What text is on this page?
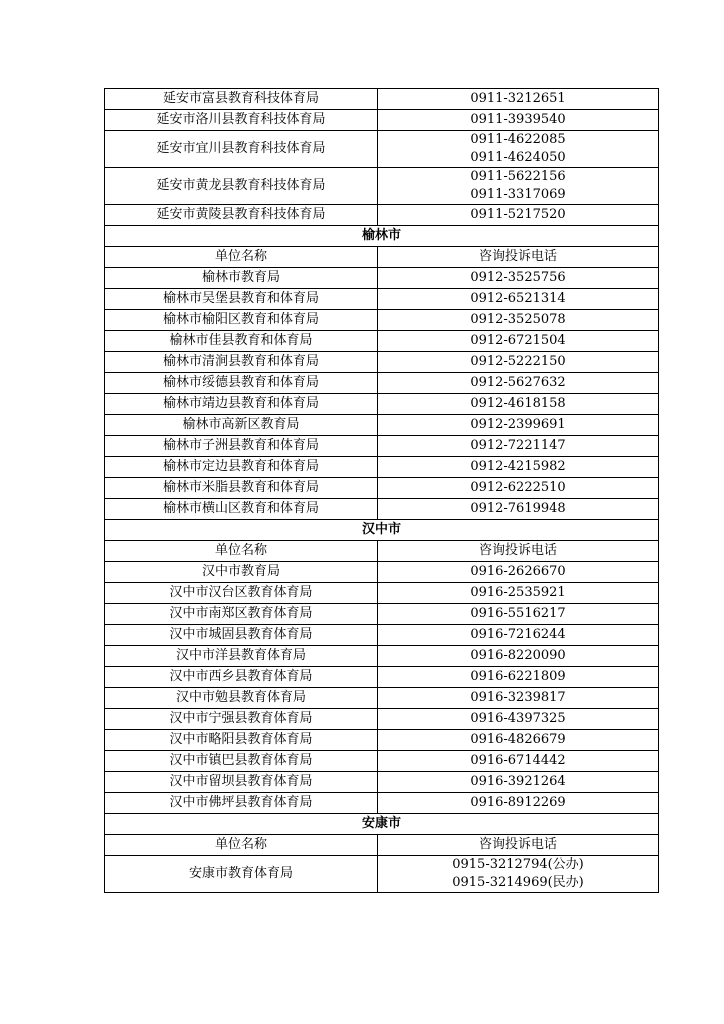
延安市富县教育科技体育局	0911-3212651

延安市洛川县教育科技体育局	0911-3939540

延安市宜川县教育科技体育局	0911-4622085
0911-4624050

延安市黄龙县教育科技体育局	0911-5622156
0911-3317069

延安市黄陵县教育科技体育局	0911-5217520

榆林市	
单位名称	咨询投诉电话
榆林市教育局	0912-3525756

榆林市吴堡县教育和体育局	0912-6521314

榆林市榆阳区教育和体育局	0912-3525078

榆林市佳县教育和体育局	0912-6721504

榆林市清涧县教育和体育局	0912-5222150

榆林市绥德县教育和体育局	0912-5627632

榆林市靖边县教育和体育局	0912-4618158

榆林市高新区教育局	0912-2399691

榆林市子洲县教育和体育局	0912-7221147

榆林市定边县教育和体育局	0912-4215982

榆林市米脂县教育和体育局	0912-6222510

榆林市横山区教育和体育局	0912-7619948

汉中市	
单位名称	咨询投诉电话
汉中市教育局	0916-2626670

汉中市汉台区教育体育局	0916-2535921

汉中市南郑区教育体育局	0916-5516217

汉中市城固县教育体育局	0916-7216244

汉中市洋县教育体育局	0916-8220090

汉中市西乡县教育体育局	0916-6221809

汉中市勉县教育体育局	0916-3239817

汉中市宁强县教育体育局	0916-4397325

汉中市略阳县教育体育局	0916-4826679

汉中市镇巴县教育体育局	0916-6714442

汉中市留坝县教育体育局	0916-3921264

汉中市佛坪县教育体育局	0916-8912269

安康市	
单位名称	咨询投诉电话
安康市教育体育局	0915-3212794(公办)
0915-3214969(民办)
